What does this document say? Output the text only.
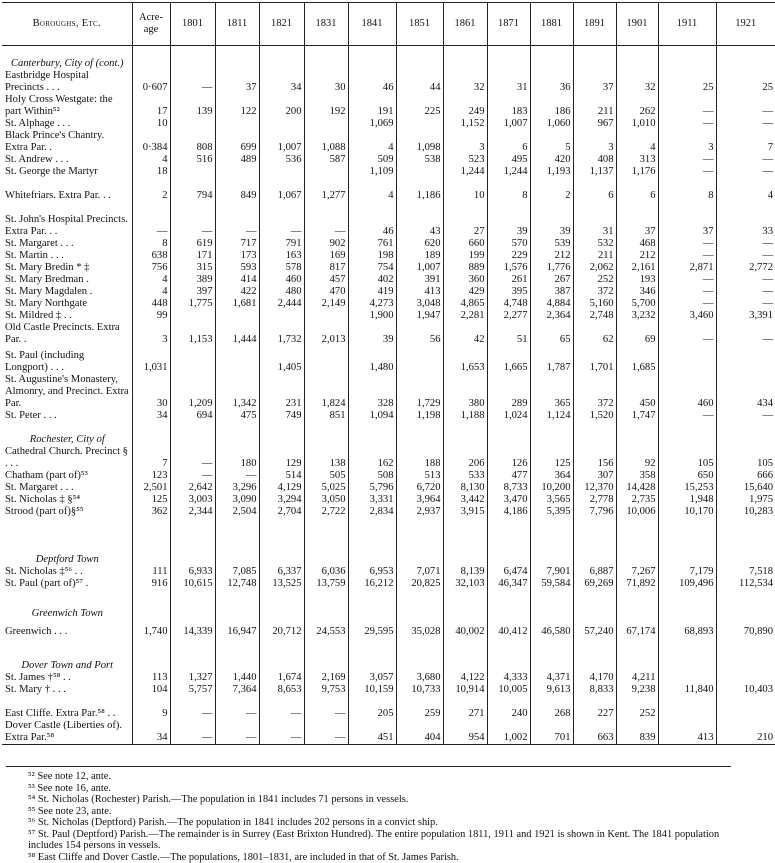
Boroughs, Etc.	Acre-age	1801	1811	1821	1831	1841	1851	1861	1871	1881	1891	1901	1911	1921
Canterbury, City of (cont.)														
Eastbridge Hospital Precincts . . .	0·607	—	37	34	30	46	44	32	31	36	37	32	25	25
Holy Cross Westgate: the part Within⁵²	17	139	122	200	192	191	225	249	183	186	211	262	—	—
St. Alphage . . .	10					1,069		1,152	1,007	1,060	967	1,010	—	—
Black Prince's Chantry. Extra Par. .	0·384	808	699	1,007	1,088	4	1,098	3	6	5	3	4	3	7
St. Andrew . . .	4	516	489	536	587	509	538	523	495	420	408	313	—	—
St. George the Martyr	18					1,109		1,244	1,244	1,193	1,137	1,176	—	—
Whitefriars. Extra Par. . .	2	794	849	1,067	1,277	4	1,186	10	8	2	6	6	8	4
St. John's Hospital Precincts. Extra Par. . .	—	—	—	—	—	46	43	27	39	39	31	37	37	33
St. Margaret . . .	8	619	717	791	902	761	620	660	570	539	532	468	—	—
St. Martin . . .	638	171	173	163	169	198	189	199	229	212	211	212	—	—
St. Mary Bredin * ‡	756	315	593	578	817	754	1,007	889	1,576	1,776	2,062	2,161	2,871	2,772
St. Mary Bredman .	4	389	414	460	457	402	391	360	261	267	252	193	—	—
St. Mary Magdalen .	4	397	422	480	470	419	413	429	395	387	372	346	—	—
St. Mary Northgate	448	1,775	1,681	2,444	2,149	4,273	3,048	4,865	4,748	4,884	5,160	5,700	—	—
St. Mildred ‡ . .	99					1,900	1,947	2,281	2,277	2,364	2,748	3,232	3,460	3,391
Old Castle Precincts. Extra Par. .	3	1,153	1,444	1,732	2,013	39	56	42	51	65	62	69	—	—
St. Paul (including Longport) . . .	1,031			1,405		1,480		1,653	1,665	1,787	1,701	1,685		
St. Augustine's Monastery, Almonry, and Precinct. Extra Par.	30	1,209	1,342	231	1,824	328	1,729	380	289	365	372	450	460	434
St. Peter . . .	34	694	475	749	851	1,094	1,198	1,188	1,024	1,124	1,520	1,747	—	—
Rochester, City of														
Cathedral Church. Precinct § . . .	7	—	180	129	138	162	188	206	126	125	156	92	105	105
Chatham (part of)⁵³	123	—	—	514	505	508	513	533	477	364	307	358	650	666
St. Margaret . . .	2,501	2,642	3,296	4,129	5,025	5,796	6,720	8,130	8,733	10,200	12,370	14,428	15,253	15,640
St. Nicholas ‡ §⁵⁴	125	3,003	3,090	3,294	3,050	3,331	3,964	3,442	3,470	3,565	2,778	2,735	1,948	1,975
Strood (part of)§⁵⁵	362	2,344	2,504	2,704	2,722	2,834	2,937	3,915	4,186	5,395	7,796	10,006	10,170	10,283
Deptford Town														
St. Nicholas ‡⁵⁶ . .	111	6,933	7,085	6,337	6,036	6,953	7,071	8,139	6,474	7,901	6,887	7,267	7,179	7,518
St. Paul (part of)⁵⁷ .	916	10,615	12,748	13,525	13,759	16,212	20,825	32,103	46,347	59,584	69,269	71,892	109,496	112,534
Greenwich Town														
Greenwich . . .	1,740	14,339	16,947	20,712	24,553	29,595	35,028	40,002	40,412	46,580	57,240	67,174	68,893	70,890
Dover Town and Port														
St. James †⁵⁸ . .	113	1,327	1,440	1,674	2,169	3,057	3,680	4,122	4,333	4,371	4,170	4,211		
St. Mary † . . .	104	5,757	7,364	8,653	9,753	10,159	10,733	10,914	10,005	9,613	8,833	9,238	11,840	10,403
East Cliffe. Extra Par.⁵⁸ . .	9	—	—	—	—	205	259	271	240	268	227	252		
Dover Castle (Liberties of). Extra Par.⁵⁸	34	—	—	—	—	451	404	954	1,002	701	663	839	413	210

⁵² See note 12, ante.

⁵³ See note 16, ante.

⁵⁴ St. Nicholas (Rochester) Parish.—The population in 1841 includes 71 persons in vessels.

⁵⁵ See note 23, ante.

⁵⁶ St. Nicholas (Deptford) Parish.—The population in 1841 includes 202 persons in a convict ship.

⁵⁷ St. Paul (Deptford) Parish.—The remainder is in Surrey (East Brixton Hundred). The entire population 1811, 1911 and 1921 is shown in Kent. The 1841 population includes 154 persons in vessels.

⁵⁸ East Cliffe and Dover Castle.—The populations, 1801–1831, are included in that of St. James Parish.
